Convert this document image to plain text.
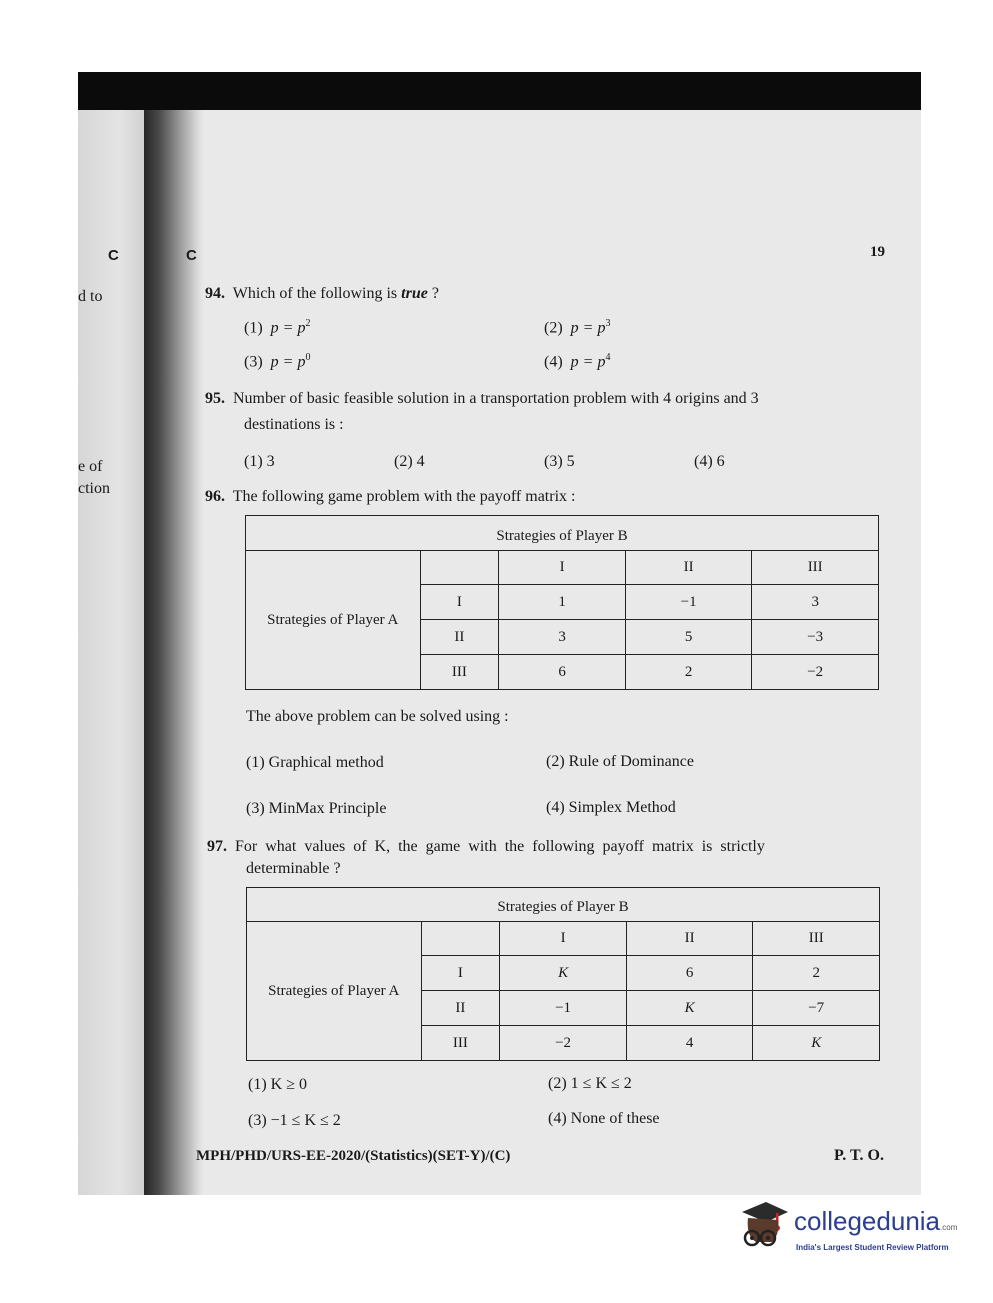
C
d to
e of
ction
C	19
94. Which of the following is true ?
(1) $p = p^2$	(2) $p = p^3$
(3) $p = p^0$	(4) $p = p^4$
95. Number of basic feasible solution in a transportation problem with 4 origins and 3
destinations is :
(1) 3	(2) 4	(3) 5	(4) 6
96. The following game problem with the payoff matrix :
Strategies of Player B				
Strategies of Player A		I	II	III
	I	1	−1	3
	II	3	5	−3
	III	6	2	−2
The above problem can be solved using :
(1) Graphical method	(2) Rule of Dominance
(3) MinMax Principle	(4) Simplex Method
97. For what values of K, the game with the following payoff matrix is strictly
determinable ?
Strategies of Player B				
Strategies of Player A		I	II	III
	I	K	6	2
	II	−1	K	−7
	III	−2	4	K
(1) K ≥ 0	(2) 1 ≤ K ≤ 2
(3) −1 ≤ K ≤ 2	(4) None of these
MPH/PHD/URS-EE-2020/(Statistics)(SET-Y)/(C)	P. T. O.
collegedunia.com
India's Largest Student Review Platform
